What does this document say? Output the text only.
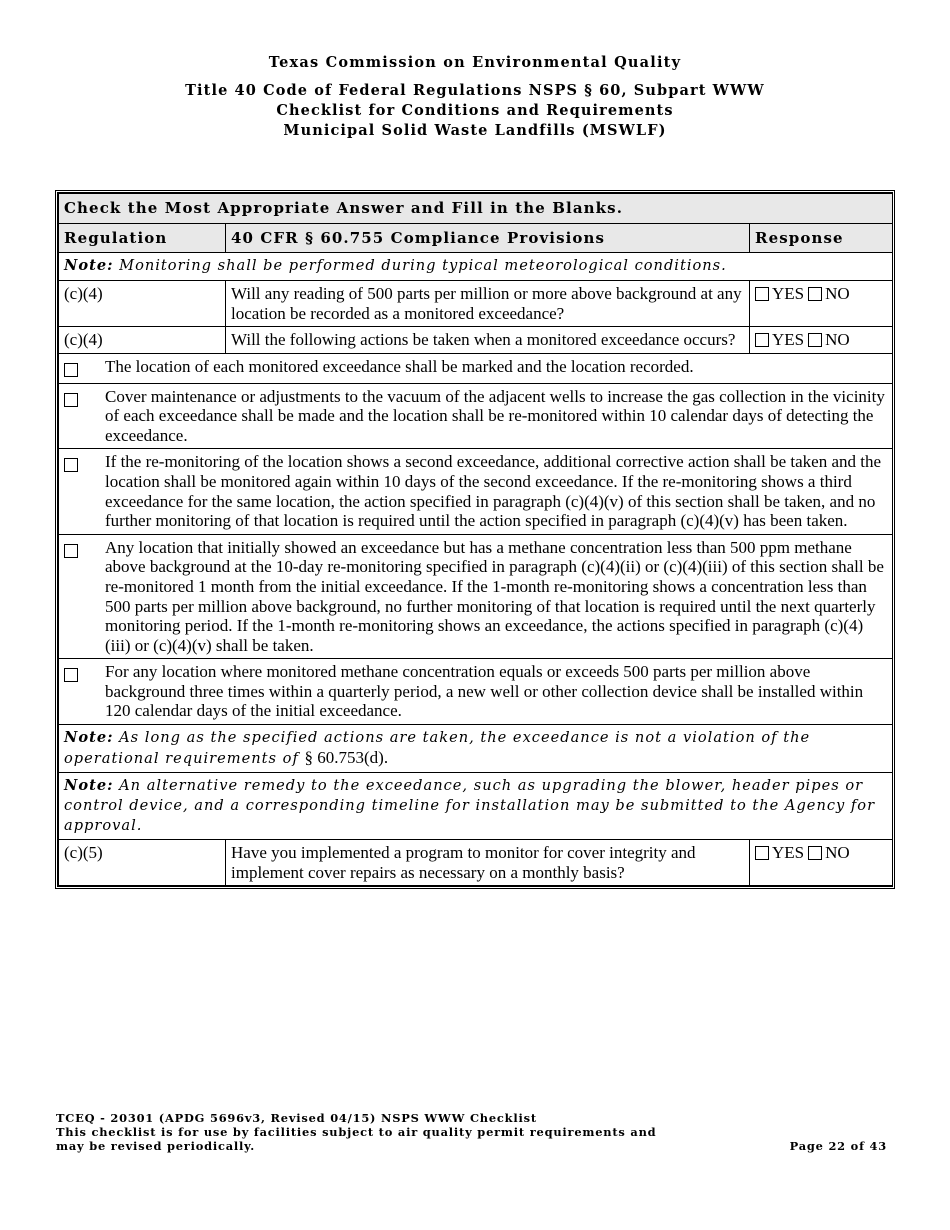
Texas Commission on Environmental Quality
Title 40 Code of Federal Regulations NSPS § 60, Subpart WWW
Checklist for Conditions and Requirements
Municipal Solid Waste Landfills (MSWLF)
Check the Most Appropriate Answer and Fill in the Blanks.		
Regulation	40 CFR § 60.755 Compliance Provisions	Response
Note: Monitoring shall be performed during typical meteorological conditions.		
(c)(4)	Will any reading of 500 parts per million or more above background at any location be recorded as a monitored exceedance?	YES NO
(c)(4)	Will the following actions be taken when a monitored exceedance occurs?	YES NO

The location of each monitored exceedance shall be marked and the location recorded.		

Cover maintenance or adjustments to the vacuum of the adjacent wells to increase the gas collection in the vicinity of each exceedance shall be made and the location shall be re-monitored within 10 calendar days of detecting the exceedance.		

If the re-monitoring of the location shows a second exceedance, additional corrective action shall be taken and the location shall be monitored again within 10 days of the second exceedance. If the re-monitoring shows a third exceedance for the same location, the action specified in paragraph (c)(4)(v) of this section shall be taken, and no further monitoring of that location is required until the action specified in paragraph (c)(4)(v) has been taken.		

Any location that initially showed an exceedance but has a methane concentration less than 500 ppm methane above background at the 10-day re-monitoring specified in paragraph (c)(4)(ii) or (c)(4)(iii) of this section shall be re-monitored 1 month from the initial exceedance. If the 1-month re-monitoring shows a concentration less than 500 parts per million above background, no further monitoring of that location is required until the next quarterly monitoring period. If the 1-month re-monitoring shows an exceedance, the actions specified in paragraph (c)(4)(iii) or (c)(4)(v) shall be taken.		

For any location where monitored methane concentration equals or exceeds 500 parts per million above background three times within a quarterly period, a new well or other collection device shall be installed within 120 calendar days of the initial exceedance.		

Note: As long as the specified actions are taken, the exceedance is not a violation of the operational requirements of § 60.753(d).		
Note: An alternative remedy to the exceedance, such as upgrading the blower, header pipes or control device, and a corresponding timeline for installation may be submitted to the Agency for approval.		
(c)(5)	Have you implemented a program to monitor for cover integrity and implement cover repairs as necessary on a monthly basis?	YES NO
TCEQ - 20301 (APDG 5696v3, Revised 04/15) NSPS WWW Checklist
This checklist is for use by facilities subject to air quality permit requirements and
may be revised periodically.	Page 22 of 43
